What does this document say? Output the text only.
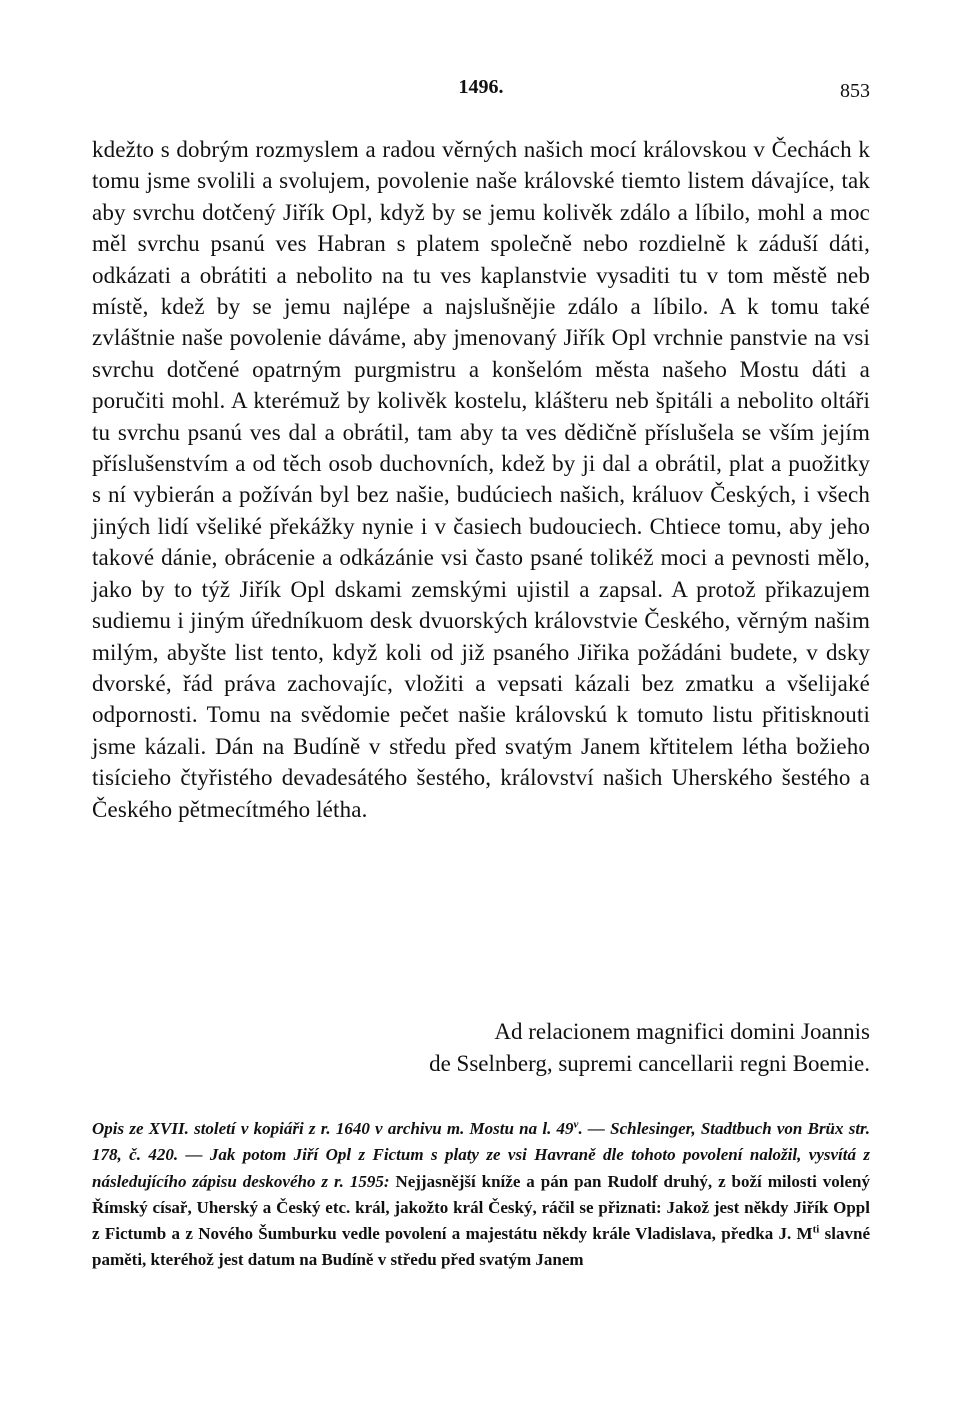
1496.	853

kdežto s dobrým rozmyslem a radou věrných našich mocí královskou v Čechách k tomu jsme svolili a svolujem, povolenie naše královské tiemto listem dávajíce, tak aby svrchu dotčený Jiřík Opl, když by se jemu kolivěk zdálo a líbilo, mohl a moc měl svrchu psanú ves Habran s platem společně nebo rozdielně k záduší dáti, odkázati a obrátiti a nebolito na tu ves kaplanstvie vysaditi tu v tom městě neb místě, kdež by se jemu najlépe a najslušnějie zdálo a líbilo. A k tomu také zvláštnie naše povolenie dáváme, aby jmenovaný Jiřík Opl vrchnie panstvie na vsi svrchu dotčené opatrným purgmistru a konšelóm města našeho Mostu dáti a poručiti mohl. A kterémuž by kolivěk kostelu, klášteru neb špitáli a nebolito oltáři tu svrchu psanú ves dal a obrátil, tam aby ta ves dědičně příslušela se vším jejím příslušenstvím a od těch osob duchovních, kdež by ji dal a obrátil, plat a puožitky s ní vybierán a požíván byl bez našie, budúciech našich, králuov Českých, i všech jiných lidí všeliké překážky nynie i v časiech budouciech. Chtiece tomu, aby jeho takové dánie, obrácenie a odkázánie vsi často psané tolikéž moci a pevnosti mělo, jako by to týž Jiřík Opl dskami zemskými ujistil a zapsal. A protož přikazujem sudiemu i jiným úředníkuom desk dvuorských královstvie Českého, věrným našim milým, abyšte list tento, když koli od již psaného Jiřika požádáni budete, v dsky dvorské, řád práva zachovajíc, vložiti a vepsati kázali bez zmatku a všelijaké odpornosti. Tomu na svědomie pečet našie královskú k tomuto listu přitisknouti jsme kázali. Dán na Budíně v středu před svatým Janem křtitelem létha božieho tisícieho čtyřistého devadesátého šestého, království našich Uherského šestého a Českého pětmecítmého létha.

Ad relacionem magnifici domini Joannis
de Sselnberg, supremi cancellarii regni Boemie.

Opis ze XVII. století v kopiáři z r. 1640 v archivu m. Mostu na l. 49$^v$. — Schlesinger, Stadtbuch von Brüx str. 178, č. 420. — Jak potom Jiří Opl z Fictum s platy ze vsi Havraně dle tohoto povolení naložil, vysvítá z následujícího zápisu deskového z r. 1595: Nejjasnější kníže a pán pan Rudolf druhý, z boží milosti volený Římský císař, Uherský a Český etc. král, jakožto král Český, ráčil se přiznati: Jakož jest někdy Jiřík Oppl z Fictumb a z Nového Šumburku vedle povolení a majestátu někdy krále Vladislava, předka J. $M^{ti}$ slavné paměti, kteréhož jest datum na Budíně v středu před svatým Janem
